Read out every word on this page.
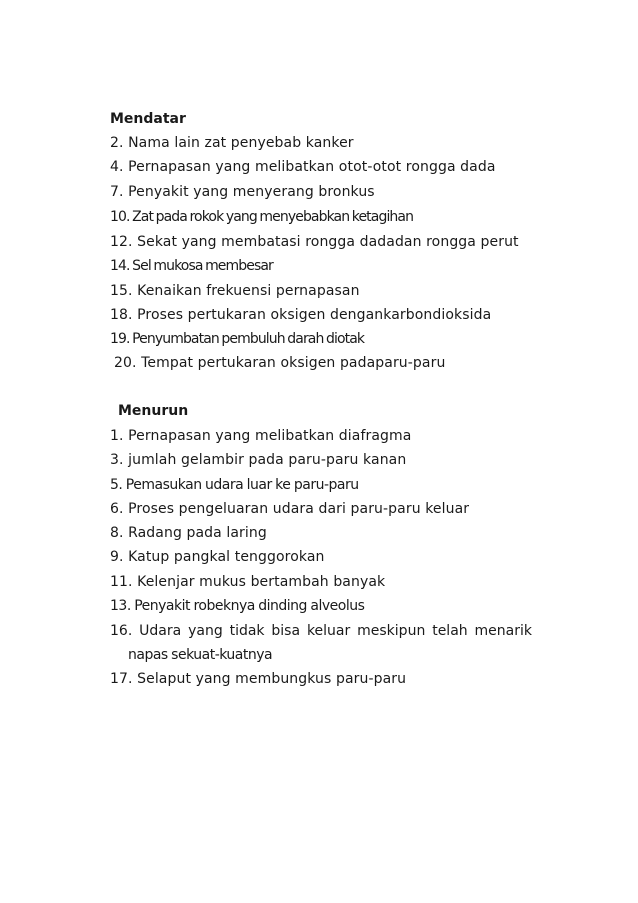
Mendatar
2. Nama lain zat penyebab kanker
4. Pernapasan yang melibatkan otot-otot rongga dada
7. Penyakit yang menyerang bronkus
10. Zat pada rokok yang menyebabkan ketagihan
12. Sekat yang membatasi rongga dadadan rongga perut
14. Sel mukosa membesar
15. Kenaikan frekuensi pernapasan
18. Proses pertukaran oksigen dengankarbondioksida
19. Penyumbatan pembuluh darah diotak
20. Tempat pertukaran oksigen padaparu-paru
Menurun
1. Pernapasan yang melibatkan diafragma
3. jumlah gelambir pada paru-paru kanan
5. Pemasukan udara luar ke paru-paru
6. Proses pengeluaran udara dari paru-paru keluar
8. Radang pada laring
9. Katup pangkal tenggorokan
11. Kelenjar mukus bertambah banyak
13. Penyakit robeknya dinding alveolus
16. Udara yang tidak bisa keluar meskipun telah menarik
napas sekuat-kuatnya
17. Selaput yang membungkus paru-paru
